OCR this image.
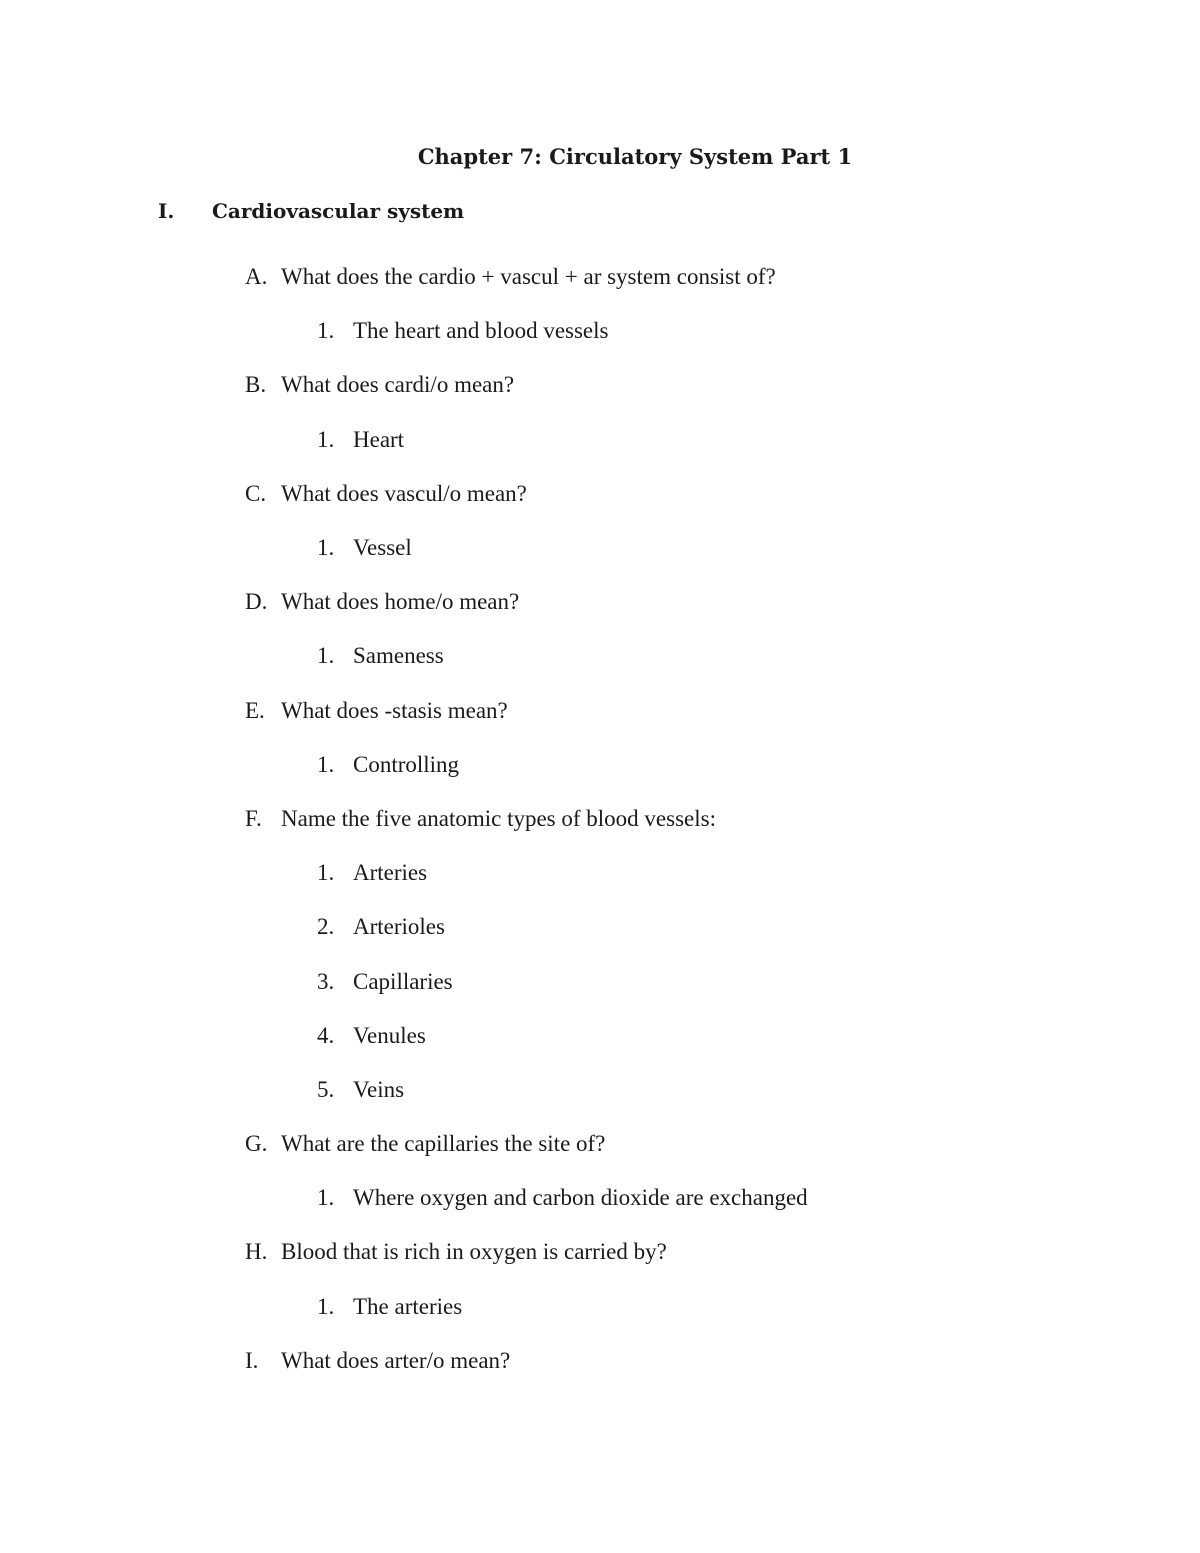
Chapter 7: Circulatory System Part 1
I. Cardiovascular system
A. What does the cardio + vascul + ar system consist of?
1. The heart and blood vessels
B. What does cardi/o mean?
1. Heart
C. What does vascul/o mean?
1. Vessel
D. What does home/o mean?
1. Sameness
E. What does -stasis mean?
1. Controlling
F. Name the five anatomic types of blood vessels:
1. Arteries
2. Arterioles
3. Capillaries
4. Venules
5. Veins
G. What are the capillaries the site of?
1. Where oxygen and carbon dioxide are exchanged
H. Blood that is rich in oxygen is carried by?
1. The arteries
I. What does arter/o mean?
